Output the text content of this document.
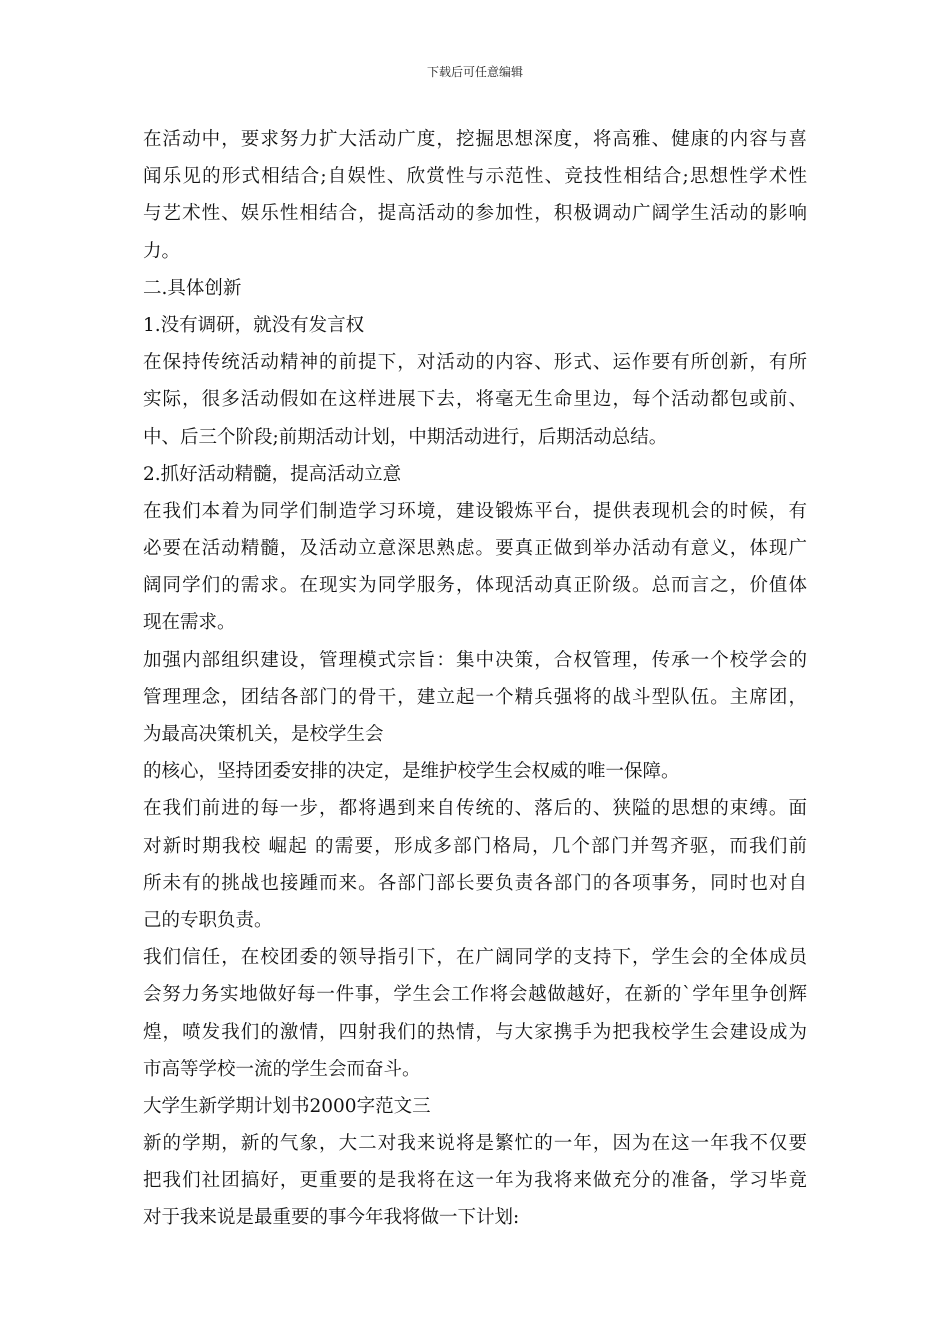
下载后可任意编辑
在活动中，要求努力扩大活动广度，挖掘思想深度，将高雅、健康的内容与喜
闻乐见的形式相结合;自娱性、欣赏性与示范性、竞技性相结合;思想性学术性
与艺术性、娱乐性相结合，提高活动的参加性，积极调动广阔学生活动的影响
力。
二.具体创新
1.没有调研，就没有发言权
在保持传统活动精神的前提下，对活动的内容、形式、运作要有所创新，有所
实际，很多活动假如在这样进展下去，将毫无生命里边，每个活动都包或前、
中、后三个阶段;前期活动计划，中期活动进行，后期活动总结。
2.抓好活动精髓，提高活动立意
在我们本着为同学们制造学习环境，建设锻炼平台，提供表现机会的时候，有
必要在活动精髓，及活动立意深思熟虑。要真正做到举办活动有意义，体现广
阔同学们的需求。在现实为同学服务，体现活动真正阶级。总而言之，价值体
现在需求。
加强内部组织建设，管理模式宗旨：集中决策，合权管理，传承一个校学会的
管理理念，团结各部门的骨干，建立起一个精兵强将的战斗型队伍。主席团，
为最高决策机关，是校学生会
的核心，坚持团委安排的决定，是维护校学生会权威的唯一保障。
在我们前进的每一步，都将遇到来自传统的、落后的、狭隘的思想的束缚。面
对新时期我校 崛起 的需要，形成多部门格局，几个部门并驾齐驱，而我们前
所未有的挑战也接踵而来。各部门部长要负责各部门的各项事务，同时也对自
己的专职负责。
我们信任，在校团委的领导指引下，在广阔同学的支持下，学生会的全体成员
会努力务实地做好每一件事，学生会工作将会越做越好，在新的`学年里争创辉
煌，喷发我们的激情，四射我们的热情，与大家携手为把我校学生会建设成为
市高等学校一流的学生会而奋斗。
大学生新学期计划书2000字范文三
新的学期，新的气象，大二对我来说将是繁忙的一年，因为在这一年我不仅要
把我们社团搞好，更重要的是我将在这一年为我将来做充分的准备，学习毕竟
对于我来说是最重要的事今年我将做一下计划:
